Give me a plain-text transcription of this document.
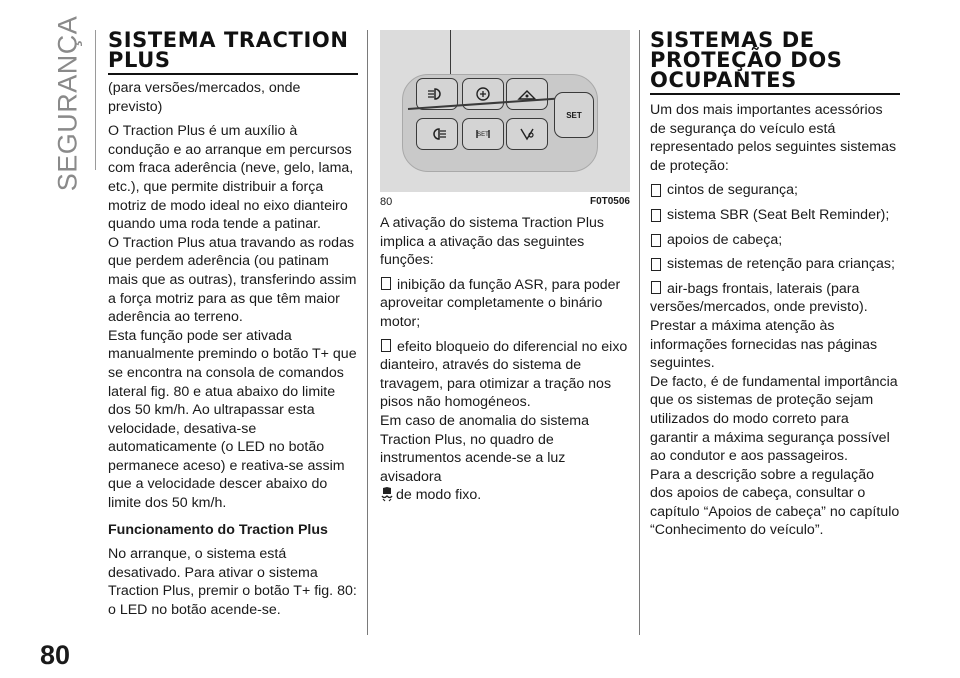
SEGURANÇA
80
SISTEMA TRACTION PLUS

(para versões/mercados, onde previsto)

O Traction Plus é um auxílio à condução e ao arranque em percursos com fraca aderência (neve, gelo, lama, etc.), que permite distribuir a força motriz de modo ideal no eixo dianteiro quando uma roda tende a patinar.

O Traction Plus atua travando as rodas que perdem aderência (ou patinam mais que as outras), transferindo assim a força motriz para as que têm maior aderência ao terreno.

Esta função pode ser ativada manualmente premindo o botão T+ que se encontra na consola de comandos lateral fig. 80 e atua abaixo do limite dos 50 km/h. Ao ultrapassar esta velocidade, desativa-se automaticamente (o LED no botão permanece aceso) e reativa-se assim que a velocidade descer abaixo do limite dos 50 km/h.

Funcionamento do Traction Plus

No arranque, o sistema está desativado. Para ativar o sistema Traction Plus, premir o botão T+ fig. 80: o LED no botão acende-se.

SET
SET
80	F0T0506

A ativação do sistema Traction Plus implica a ativação das seguintes funções:

inibição da função ASR, para poder aproveitar completamente o binário motor;

efeito bloqueio do diferencial no eixo dianteiro, através do sistema de travagem, para otimizar a tração nos pisos não homogéneos.

Em caso de anomalia do sistema Traction Plus, no quadro de instrumentos acende-se a luz avisadora

de modo fixo.

SISTEMAS DE PROTEÇÃO DOS OCUPANTES

Um dos mais importantes acessórios de segurança do veículo está representado pelos seguintes sistemas de proteção:

cintos de segurança;

sistema SBR (Seat Belt Reminder);

apoios de cabeça;

sistemas de retenção para crianças;

air-bags frontais, laterais (para versões/mercados, onde previsto).

Prestar a máxima atenção às informações fornecidas nas páginas seguintes.

De facto, é de fundamental importância que os sistemas de proteção sejam utilizados do modo correto para garantir a máxima segurança possível ao condutor e aos passageiros.

Para a descrição sobre a regulação dos apoios de cabeça, consultar o capítulo “Apoios de cabeça” no capítulo “Conhecimento do veículo”.
